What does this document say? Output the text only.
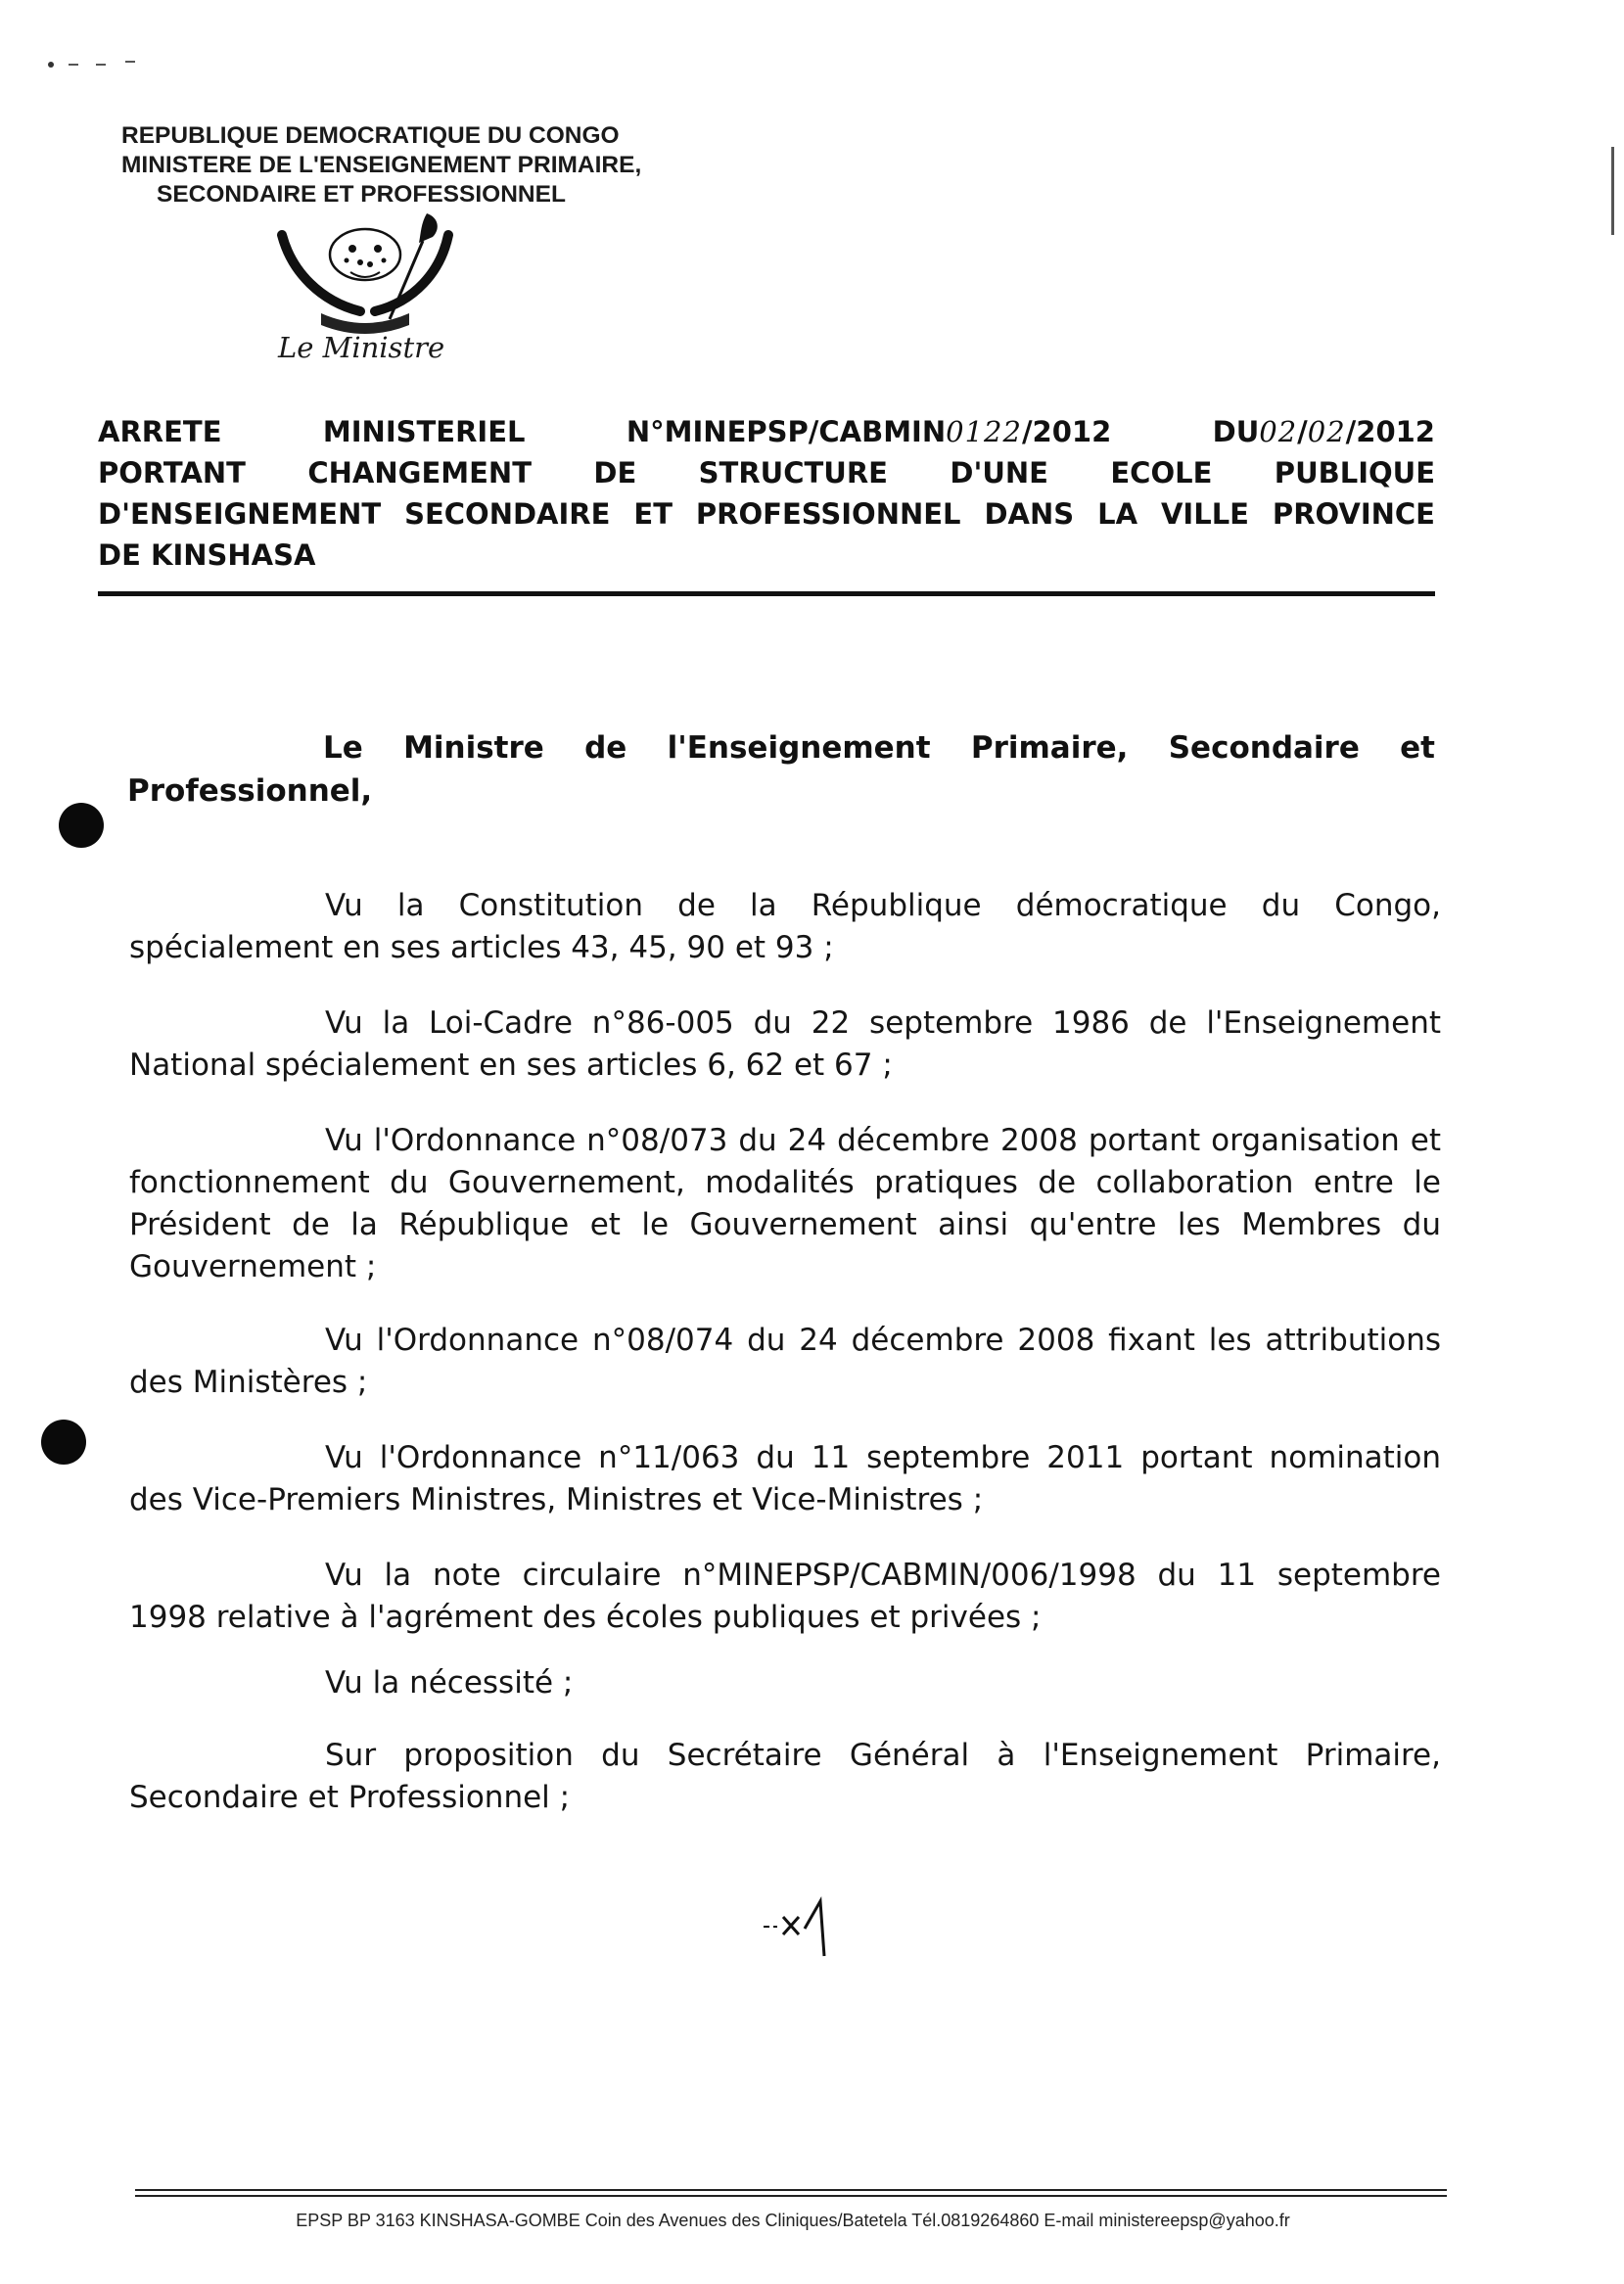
REPUBLIQUE DEMOCRATIQUE DU CONGO
MINISTERE DE L'ENSEIGNEMENT PRIMAIRE,
SECONDAIRE ET PROFESSIONNEL
Le Ministre
ARRETE MINISTERIEL N°MINEPSP/CABMIN0122/2012	DU02/02/2012
PORTANT CHANGEMENT DE STRUCTURE D'UNE ECOLE PUBLIQUE
D'ENSEIGNEMENT SECONDAIRE ET PROFESSIONNEL DANS LA VILLE PROVINCE
DE KINSHASA
Le Ministre de l'Enseignement Primaire, Secondaire et
Professionnel,
Vu la Constitution de la République démocratique du Congo, spécialement en ses articles 43, 45, 90 et 93 ;
Vu la Loi-Cadre n°86-005 du 22 septembre 1986 de l'Enseignement National spécialement en ses articles 6, 62 et 67 ;
Vu l'Ordonnance n°08/073 du 24 décembre 2008 portant organisation et fonctionnement du Gouvernement, modalités pratiques de collaboration entre le Président de la République et le Gouvernement ainsi qu'entre les Membres du Gouvernement ;
Vu l'Ordonnance n°08/074 du 24 décembre 2008 fixant les attributions des Ministères ;
Vu l'Ordonnance n°11/063 du 11 septembre 2011 portant nomination des Vice-Premiers Ministres, Ministres et Vice-Ministres ;
Vu la note circulaire n°MINEPSP/CABMIN/006/1998 du 11 septembre 1998 relative à l'agrément des écoles publiques et privées ;
Vu la nécessité ;
Sur proposition du Secrétaire Général à l'Enseignement Primaire, Secondaire et Professionnel ;
EPSP BP 3163 KINSHASA-GOMBE Coin des Avenues des Cliniques/Batetela Tél.0819264860 E-mail ministereepsp@yahoo.fr
